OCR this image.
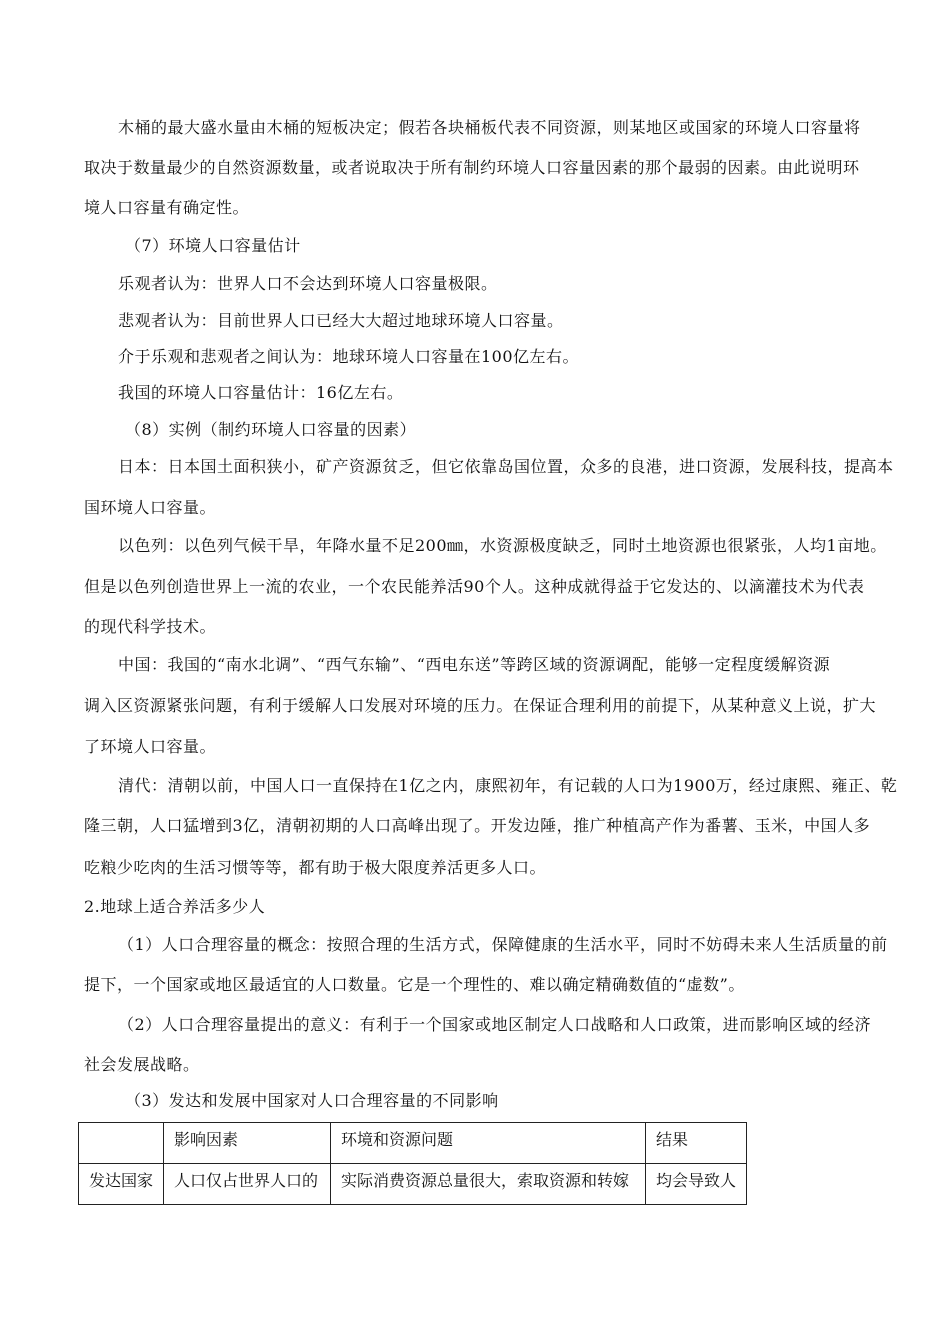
木桶的最大盛水量由木桶的短板决定；假若各块桶板代表不同资源，则某地区或国家的环境人口容量将
取决于数量最少的自然资源数量，或者说取决于所有制约环境人口容量因素的那个最弱的因素。由此说明环
境人口容量有确定性。
（7）环境人口容量估计
乐观者认为：世界人口不会达到环境人口容量极限。
悲观者认为：目前世界人口已经大大超过地球环境人口容量。
介于乐观和悲观者之间认为：地球环境人口容量在100亿左右。
我国的环境人口容量估计：16亿左右。
（8）实例（制约环境人口容量的因素）
日本：日本国土面积狭小，矿产资源贫乏，但它依靠岛国位置，众多的良港，进口资源，发展科技，提高本
国环境人口容量。
以色列：以色列气候干旱，年降水量不足200㎜，水资源极度缺乏，同时土地资源也很紧张，人均1亩地。
但是以色列创造世界上一流的农业，一个农民能养活90个人。这种成就得益于它发达的、以滴灌技术为代表
的现代科学技术。
中国：我国的“南水北调”、“西气东输”、“西电东送”等跨区域的资源调配，能够一定程度缓解资源
调入区资源紧张问题，有利于缓解人口发展对环境的压力。在保证合理利用的前提下，从某种意义上说，扩大
了环境人口容量。
清代：清朝以前，中国人口一直保持在1亿之内，康熙初年，有记载的人口为1900万，经过康熙、雍正、乾
隆三朝，人口猛增到3亿，清朝初期的人口高峰出现了。开发边陲，推广种植高产作为番薯、玉米，中国人多
吃粮少吃肉的生活习惯等等，都有助于极大限度养活更多人口。
2.地球上适合养活多少人
（1）人口合理容量的概念：按照合理的生活方式，保障健康的生活水平，同时不妨碍未来人生活质量的前
提下，一个国家或地区最适宜的人口数量。它是一个理性的、难以确定精确数值的“虚数”。
（2）人口合理容量提出的意义：有利于一个国家或地区制定人口战略和人口政策，进而影响区域的经济
社会发展战略。
（3）发达和发展中国家对人口合理容量的不同影响
	影响因素	环境和资源问题	结果
发达国家	人口仅占世界人口的	实际消费资源总量很大，索取资源和转嫁	均会导致人
